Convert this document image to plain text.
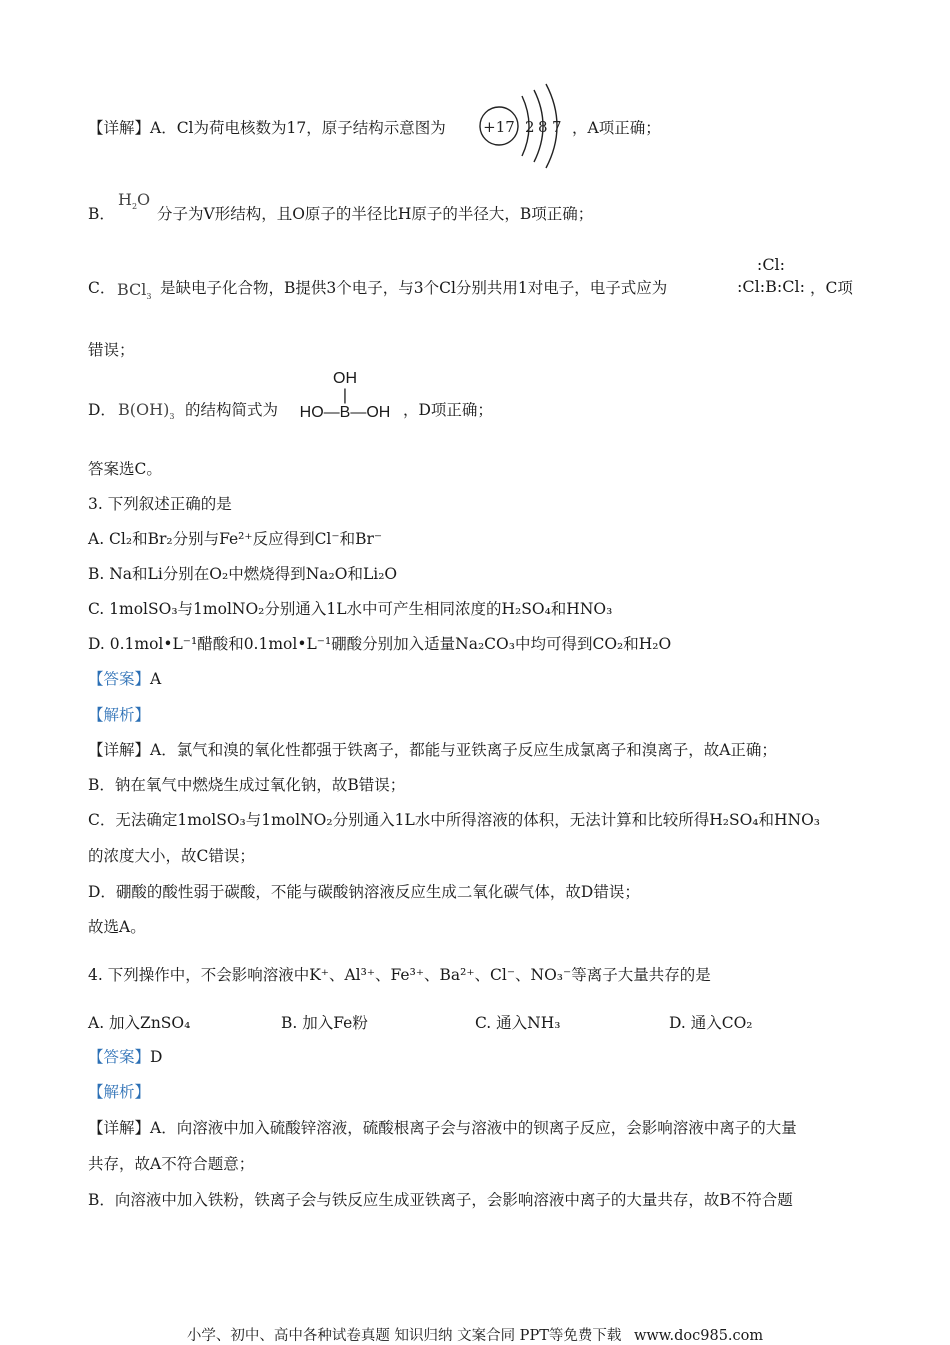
【详解】A．Cl为荷电核数为17，原子结构示意图为 +17 2 8 7 ，A项正确；
B．
$H_2O$
分子为V形结构，且O原子的半径比H原子的半径大，B项正确；
C． BCl$_3$ 是缺电子化合物，B提供3个电子，与3个Cl分别共用1对电子，电子式应为
:Cl:
:Cl:B:Cl: ，C项
错误；
D． $B(OH)_3$ 的结构简式为
OH
|
HO—B—OH ，D项正确；
答案选C。
3. 下列叙述正确的是
A. Cl₂和Br₂分别与Fe²⁺反应得到Cl⁻和Br⁻
B. Na和Li分别在O₂中燃烧得到Na₂O和Li₂O
C. 1molSO₃与1molNO₂分别通入1L水中可产生相同浓度的H₂SO₄和HNO₃
D. 0.1mol•L⁻¹醋酸和0.1mol•L⁻¹硼酸分别加入适量Na₂CO₃中均可得到CO₂和H₂O
【答案】A
【解析】
【详解】A．氯气和溴的氧化性都强于铁离子，都能与亚铁离子反应生成氯离子和溴离子，故A正确；
B．钠在氧气中燃烧生成过氧化钠，故B错误；
C．无法确定1molSO₃与1molNO₂分别通入1L水中所得溶液的体积，无法计算和比较所得H₂SO₄和HNO₃
的浓度大小，故C错误；
D．硼酸的酸性弱于碳酸，不能与碳酸钠溶液反应生成二氧化碳气体，故D错误；
故选A。
4. 下列操作中，不会影响溶液中K⁺、Al³⁺、Fe³⁺、Ba²⁺、Cl⁻、NO₃⁻等离子大量共存的是
A. 加入ZnSO₄	B. 加入Fe粉	C. 通入NH₃	D. 通入CO₂
【答案】D
【解析】
【详解】A．向溶液中加入硫酸锌溶液，硫酸根离子会与溶液中的钡离子反应，会影响溶液中离子的大量
共存，故A不符合题意；
B．向溶液中加入铁粉，铁离子会与铁反应生成亚铁离子，会影响溶液中离子的大量共存，故B不符合题
小学、初中、高中各种试卷真题 知识归纳 文案合同 PPT等免费下载 www.doc985.com
